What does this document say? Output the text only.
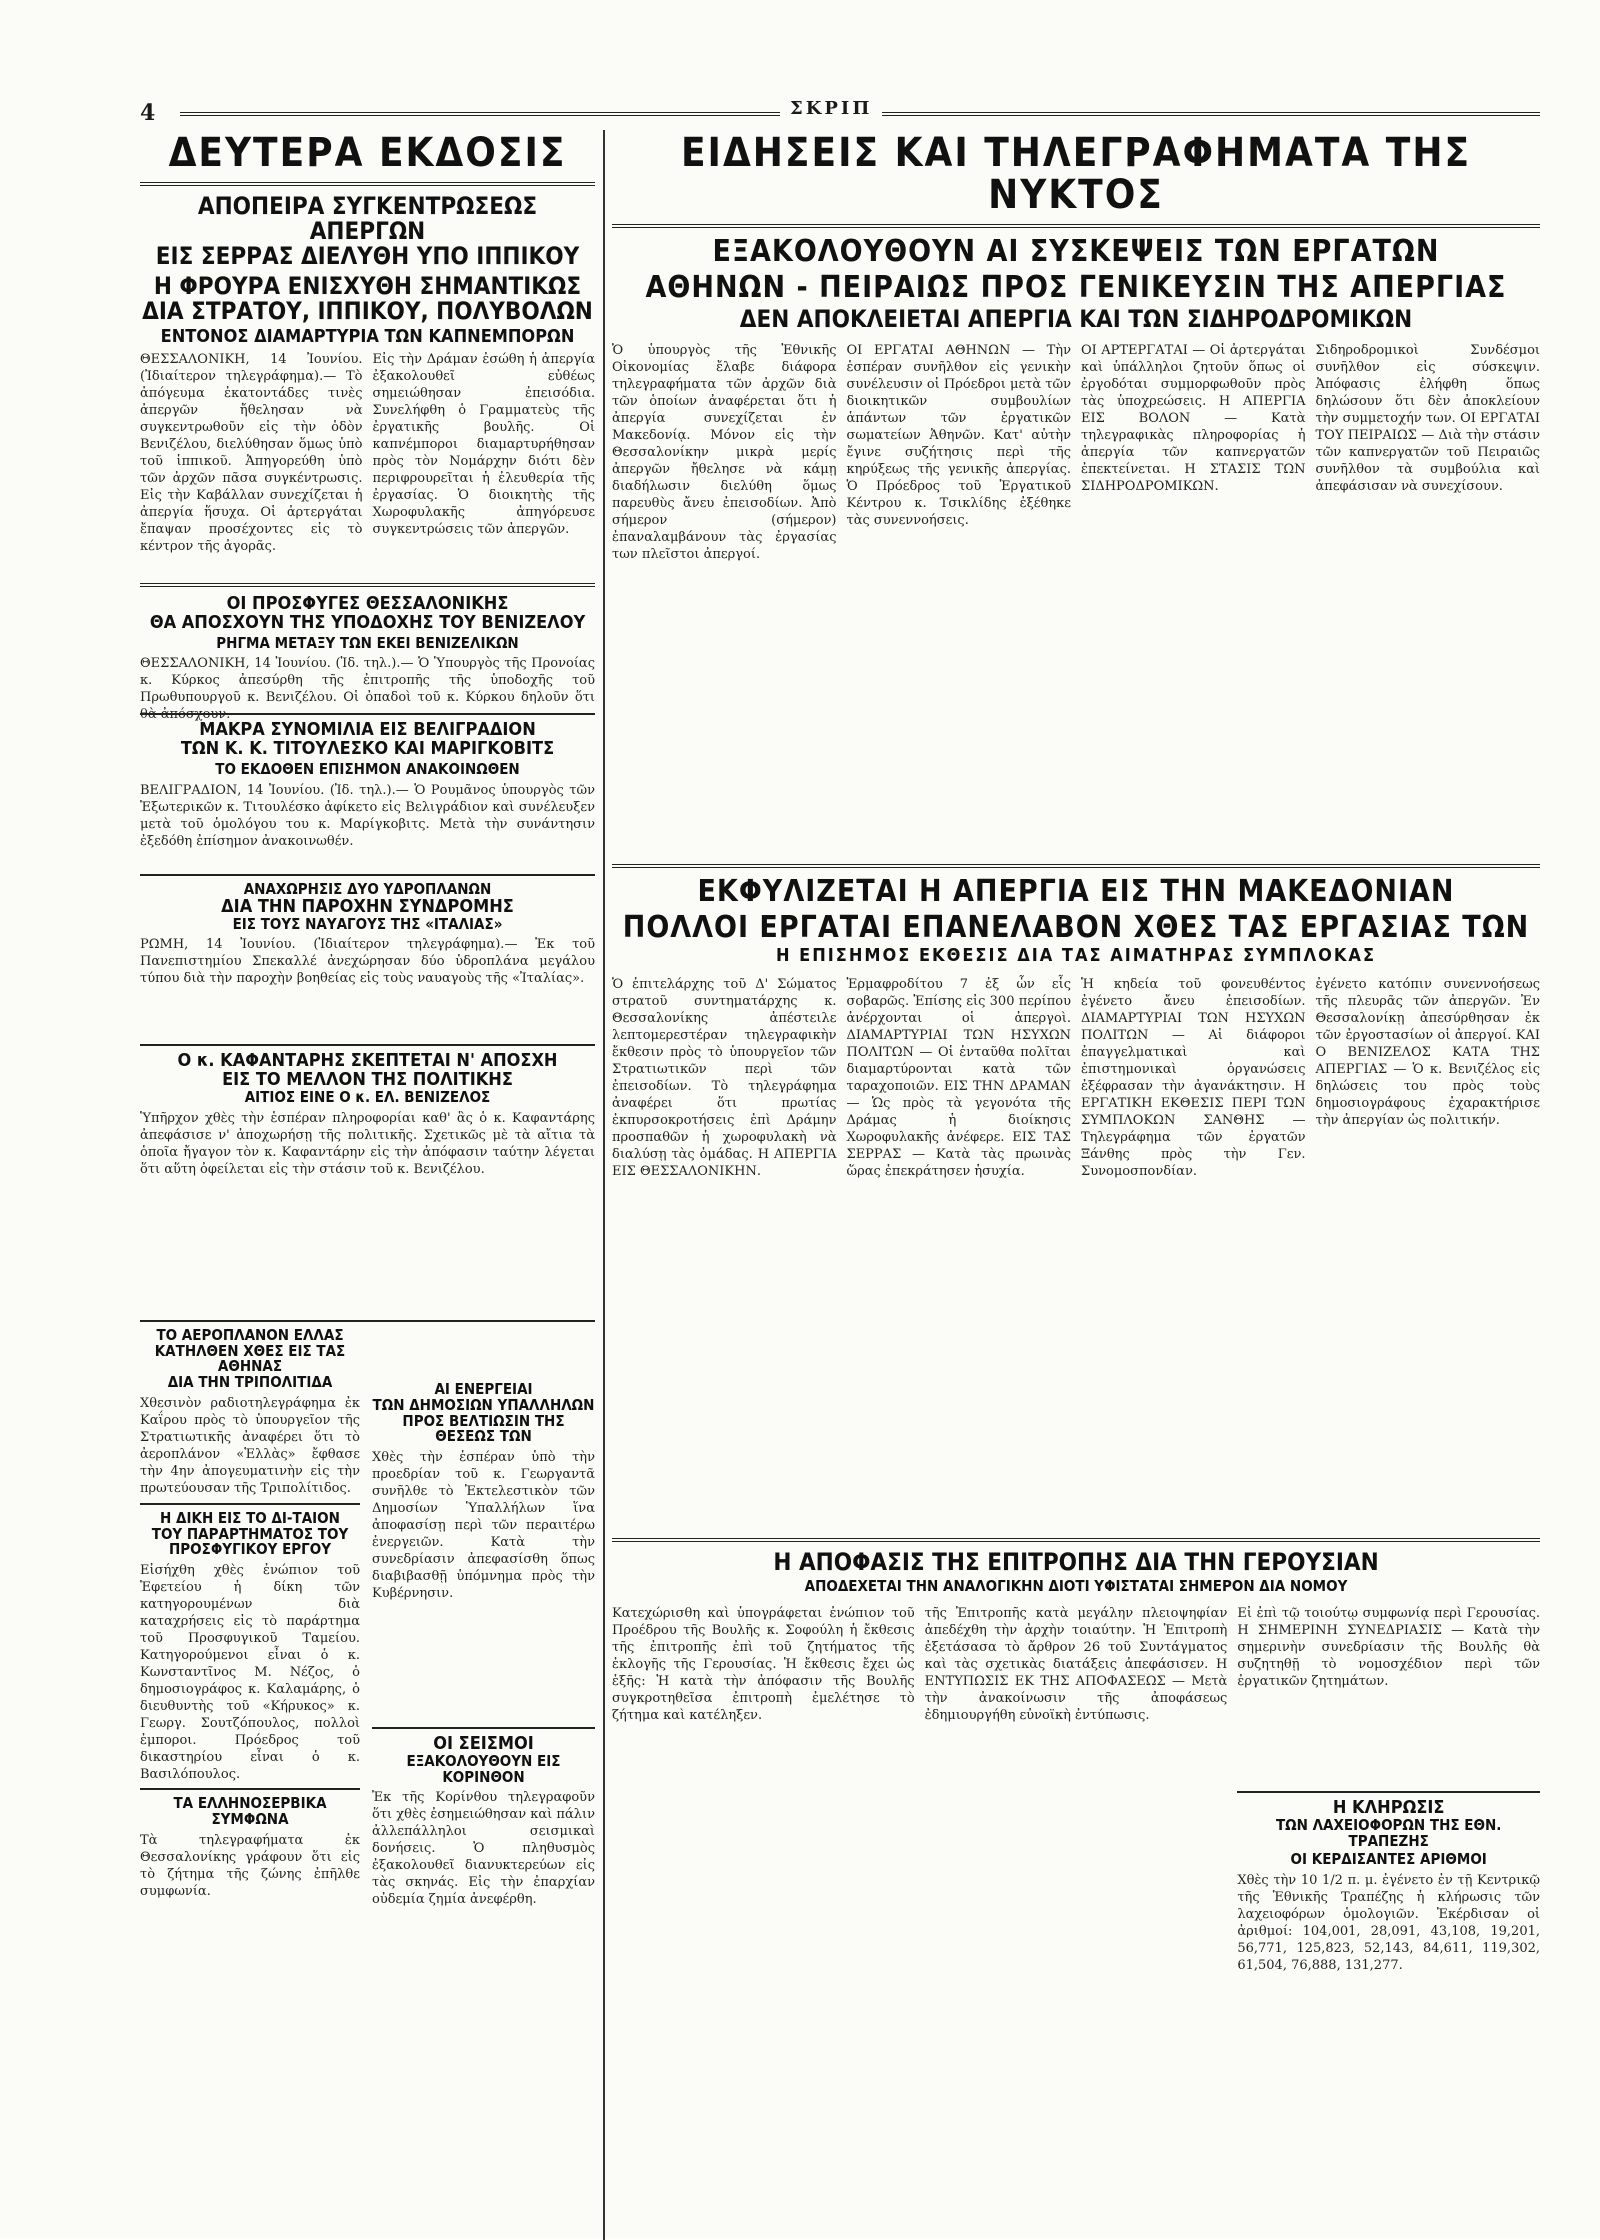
4	ΣΚΡΙΠ
ΔΕΥΤΕΡΑ ΕΚΔΟΣΙΣ
ΑΠΟΠΕΙΡΑ ΣΥΓΚΕΝΤΡΩΣΕΩΣ ΑΠΕΡΓΩΝ
ΕΙΣ ΣΕΡΡΑΣ ΔΙΕΛΥΘΗ ΥΠΟ ΙΠΠΙΚΟΥ
Η ΦΡΟΥΡΑ ΕΝΙΣΧΥΘΗ ΣΗΜΑΝΤΙΚΩΣ
ΔΙΑ ΣΤΡΑΤΟΥ, ΙΠΠΙΚΟΥ, ΠΟΛΥΒΟΛΩΝ
ΕΝΤΟΝΟΣ ΔΙΑΜΑΡΤΥΡΙΑ ΤΩΝ ΚΑΠΝΕΜΠΟΡΩΝ
ΘΕΣΣΑΛΟΝΙΚΗ, 14 Ἰουνίου. (Ἰδιαίτερον τηλεγράφημα).— Τὸ ἀπόγευμα ἐκατοντάδες τινὲς ἀπεργῶν ἤθελησαν νὰ συγκεντρωθοῦν εἰς τὴν ὁδὸν Βενιζέλου, διελύθησαν ὅμως ὑπὸ τοῦ ἱππικοῦ. Ἀπηγορεύθη ὑπὸ τῶν ἀρχῶν πᾶσα συγκέντρωσις. Εἰς τὴν Καβάλλαν συνεχίζεται ἡ ἀπεργία ἥσυχα. Οἱ ἀρτεργάται ἔπαψαν προσέχοντες εἰς τὸ κέντρον τῆς ἀγορᾶς.
Εἰς τὴν Δράμαν ἐσώθη ἡ ἀπεργία ἐξακολουθεῖ εὐθέως σημειώθησαν ἐπεισόδια. Συνελήφθη ὁ Γραμματεὺς τῆς ἐργατικῆς βουλῆς. Οἱ καπνέμποροι διαμαρτυρήθησαν πρὸς τὸν Νομάρχην διότι δὲν περιφρουρεῖται ἡ ἐλευθερία τῆς ἐργασίας. Ὁ διοικητὴς τῆς Χωροφυλακῆς ἀπηγόρευσε συγκεντρώσεις τῶν ἀπεργῶν.
ΟΙ ΠΡΟΣΦΥΓΕΣ ΘΕΣΣΑΛΟΝΙΚΗΣ
ΘΑ ΑΠΟΣΧΟΥΝ ΤΗΣ ΥΠΟΔΟΧΗΣ ΤΟΥ ΒΕΝΙΖΕΛΟΥ
ΡΗΓΜΑ ΜΕΤΑΞΥ ΤΩΝ ΕΚΕΙ ΒΕΝΙΖΕΛΙΚΩΝ
ΘΕΣΣΑΛΟΝΙΚΗ, 14 Ἰουνίου. (Ἰδ. τηλ.).— Ὁ Ὑπουργὸς τῆς Προνοίας κ. Κύρκος ἀπεσύρθη τῆς ἐπιτροπῆς τῆς ὑποδοχῆς τοῦ Πρωθυπουργοῦ κ. Βενιζέλου. Οἱ ὀπαδοὶ τοῦ κ. Κύρκου δηλοῦν ὅτι θὰ ἀπόσχουν.
ΜΑΚΡΑ ΣΥΝΟΜΙΛΙΑ ΕΙΣ ΒΕΛΙΓΡΑΔΙΟΝ
ΤΩΝ Κ. Κ. ΤΙΤΟΥΛΕΣΚΟ ΚΑΙ ΜΑΡΙΓΚΟΒΙΤΣ
ΤΟ ΕΚΔΟΘΕΝ ΕΠΙΣΗΜΟΝ ΑΝΑΚΟΙΝΩΘΕΝ
ΒΕΛΙΓΡΑΔΙΟΝ, 14 Ἰουνίου. (Ἰδ. τηλ.).— Ὁ Ρουμᾶνος ὑπουργὸς τῶν Ἐξωτερικῶν κ. Τιτουλέσκο ἀφίκετο εἰς Βελιγράδιον καὶ συνέλευξεν μετὰ τοῦ ὁμολόγου του κ. Μαρίγκοβιτς. Μετὰ τὴν συνάντησιν ἐξεδόθη ἐπίσημον ἀνακοινωθέν.
ΑΝΑΧΩΡΗΣΙΣ ΔΥΟ ΥΔΡΟΠΛΑΝΩΝ
ΔΙΑ ΤΗΝ ΠΑΡΟΧΗΝ ΣΥΝΔΡΟΜΗΣ
ΕΙΣ ΤΟΥΣ ΝΑΥΑΓΟΥΣ ΤΗΣ «ΙΤΑΛΙΑΣ»
ΡΩΜΗ, 14 Ἰουνίου. (Ἰδιαίτερον τηλεγράφημα).— Ἐκ τοῦ Πανεπιστημίου Σπεκαλλέ ἀνεχώρησαν δύο ὑδροπλάνα μεγάλου τύπου διὰ τὴν παροχὴν βοηθείας εἰς τοὺς ναυαγοὺς τῆς «Ἰταλίας».
Ο κ. ΚΑΦΑΝΤΑΡΗΣ ΣΚΕΠΤΕΤΑΙ Ν' ΑΠΟΣΧΗ
ΕΙΣ ΤΟ ΜΕΛΛΟΝ ΤΗΣ ΠΟΛΙΤΙΚΗΣ
ΑΙΤΙΟΣ ΕΙΝΕ Ο κ. ΕΛ. ΒΕΝΙΖΕΛΟΣ
Ὑπῆρχον χθὲς τὴν ἑσπέραν πληροφορίαι καθ' ἃς ὁ κ. Καφαντάρης ἀπεφάσισε ν' ἀποχωρήσῃ τῆς πολιτικῆς. Σχετικῶς μὲ τὰ αἴτια τὰ ὁποῖα ἤγαγον τὸν κ. Καφαντάρην εἰς τὴν ἀπόφασιν ταύτην λέγεται ὅτι αὕτη ὀφείλεται εἰς τὴν στάσιν τοῦ κ. Βενιζέλου.
ΤΟ ΑΕΡΟΠΛΑΝΟΝ ΕΛΛΑΣ
ΚΑΤΗΛΘΕΝ ΧΘΕΣ ΕΙΣ ΤΑΣ ΑΘΗΝΑΣ
ΔΙΑ ΤΗΝ ΤΡΙΠΟΛΙΤΙΔΑ
Χθεσινὸν ραδιοτηλεγράφημα ἐκ Καΐρου πρὸς τὸ ὑπουργεῖον τῆς Στρατιωτικῆς ἀναφέρει ὅτι τὸ ἀεροπλάνον «Ἑλλὰς» ἔφθασε τὴν 4ην ἀπογευματινὴν εἰς τὴν πρωτεύουσαν τῆς Τριπολίτιδος.
Η ΔΙΚΗ ΕΙΣ ΤΟ ΔΙ-ΤΑΙΟΝ
ΤΟΥ ΠΑΡΑΡΤΗΜΑΤΟΣ ΤΟΥ ΠΡΟΣΦΥΓΙΚΟΥ ΕΡΓΟΥ
Εἰσήχθη χθὲς ἐνώπιον τοῦ Ἐφετείου ἡ δίκη τῶν κατηγορουμένων διὰ καταχρήσεις εἰς τὸ παράρτημα τοῦ Προσφυγικοῦ Ταμείου. Κατηγορούμενοι εἶναι ὁ κ. Κωνσταντῖνος Μ. Νέζος, ὁ δημοσιογράφος κ. Καλαμάρης, ὁ διευθυντὴς τοῦ «Κήρυκος» κ. Γεωργ. Σουτζόπουλος, πολλοὶ ἐμποροι. Πρόεδρος τοῦ δικαστηρίου εἶναι ὁ κ. Βασιλόπουλος.
ΤΑ ΕΛΛΗΝΟΣΕΡΒΙΚΑ ΣΥΜΦΩΝΑ
Τὰ τηλεγραφήματα ἐκ Θεσσαλονίκης γράφουν ὅτι εἰς τὸ ζήτημα τῆς ζώνης ἐπῆλθε συμφωνία.
ΑΙ ΕΝΕΡΓΕΙΑΙ
ΤΩΝ ΔΗΜΟΣΙΩΝ ΥΠΑΛΛΗΛΩΝ
ΠΡΟΣ ΒΕΛΤΙΩΣΙΝ ΤΗΣ ΘΕΣΕΩΣ ΤΩΝ
Χθὲς τὴν ἑσπέραν ὑπὸ τὴν προεδρίαν τοῦ κ. Γεωργαντᾶ συνῆλθε τὸ Ἐκτελεστικὸν τῶν Δημοσίων Ὑπαλλήλων ἵνα ἀποφασίσῃ περὶ τῶν περαιτέρω ἐνεργειῶν. Κατὰ τὴν συνεδρίασιν ἀπεφασίσθη ὅπως διαβιβασθῇ ὑπόμνημα πρὸς τὴν Κυβέρνησιν.
ΟΙ ΣΕΙΣΜΟΙ
ΕΞΑΚΟΛΟΥΘΟΥΝ ΕΙΣ ΚΟΡΙΝΘΟΝ
Ἐκ τῆς Κορίνθου τηλεγραφοῦν ὅτι χθὲς ἐσημειώθησαν καὶ πάλιν ἀλλεπάλληλοι σεισμικαὶ δονήσεις. Ὁ πληθυσμὸς ἐξακολουθεῖ διανυκτερεύων εἰς τὰς σκηνάς. Εἰς τὴν ἐπαρχίαν οὐδεμία ζημία ἀνεφέρθη.
ΕΙΔΗΣΕΙΣ ΚΑΙ ΤΗΛΕΓΡΑΦΗΜΑΤΑ ΤΗΣ ΝΥΚΤΟΣ
ΕΞΑΚΟΛΟΥΘΟΥΝ ΑΙ ΣΥΣΚΕΨΕΙΣ ΤΩΝ ΕΡΓΑΤΩΝ
ΑΘΗΝΩΝ - ΠΕΙΡΑΙΩΣ ΠΡΟΣ ΓΕΝΙΚΕΥΣΙΝ ΤΗΣ ΑΠΕΡΓΙΑΣ
ΔΕΝ ΑΠΟΚΛΕΙΕΤΑΙ ΑΠΕΡΓΙΑ ΚΑΙ ΤΩΝ ΣΙΔΗΡΟΔΡΟΜΙΚΩΝ
Ὁ ὑπουργὸς τῆς Ἐθνικῆς Οἰκονομίας ἔλαβε διάφορα τηλεγραφήματα τῶν ἀρχῶν διὰ τῶν ὁποίων ἀναφέρεται ὅτι ἡ ἀπεργία συνεχίζεται ἐν Μακεδονίᾳ. Μόνον εἰς τὴν Θεσσαλονίκην μικρὰ μερίς ἀπεργῶν ἤθελησε νὰ κάμῃ διαδήλωσιν διελύθη ὅμως παρευθὺς ἄνευ ἐπεισοδίων. Ἀπὸ σήμερον (σήμερον) ἐπαναλαμβάνουν τὰς ἐργασίας των πλεῖστοι ἀπεργοί.
ΟΙ ΕΡΓΑΤΑΙ ΑΘΗΝΩΝ — Τὴν ἑσπέραν συνῆλθον εἰς γενικὴν συνέλευσιν οἱ Πρόεδροι μετὰ τῶν διοικητικῶν συμβουλίων ἁπάντων τῶν ἐργατικῶν σωματείων Ἀθηνῶν. Κατ' αὐτὴν ἔγινε συζήτησις περὶ τῆς κηρύξεως τῆς γενικῆς ἀπεργίας. Ὁ Πρόεδρος τοῦ Ἐργατικοῦ Κέντρου κ. Τσικλίδης ἐξέθηκε τὰς συνεννοήσεις.
ΟΙ ΑΡΤΕΡΓΑΤΑΙ — Οἱ ἀρτεργάται καὶ ὑπάλληλοι ζητοῦν ὅπως οἱ ἐργοδόται συμμορφωθοῦν πρὸς τὰς ὑποχρεώσεις. Η ΑΠΕΡΓΙΑ ΕΙΣ ΒΟΛΟΝ — Κατὰ τηλεγραφικὰς πληροφορίας ἡ ἀπεργία τῶν καπνεργατῶν ἐπεκτείνεται. Η ΣΤΑΣΙΣ ΤΩΝ ΣΙΔΗΡΟΔΡΟΜΙΚΩΝ.
Σιδηροδρομικοὶ Συνδέσμοι συνῆλθον εἰς σύσκεψιν. Ἀπόφασις ἐλήφθη ὅπως δηλώσουν ὅτι δὲν ἀποκλείουν τὴν συμμετοχήν των. ΟΙ ΕΡΓΑΤΑΙ ΤΟΥ ΠΕΙΡΑΙΩΣ — Διὰ τὴν στάσιν τῶν καπνεργατῶν τοῦ Πειραιῶς συνῆλθον τὰ συμβούλια καὶ ἀπεφάσισαν νὰ συνεχίσουν.
ΕΚΦΥΛΙΖΕΤΑΙ Η ΑΠΕΡΓΙΑ ΕΙΣ ΤΗΝ ΜΑΚΕΔΟΝΙΑΝ
ΠΟΛΛΟΙ ΕΡΓΑΤΑΙ ΕΠΑΝΕΛΑΒΟΝ ΧΘΕΣ ΤΑΣ ΕΡΓΑΣΙΑΣ ΤΩΝ
Η ΕΠΙΣΗΜΟΣ ΕΚΘΕΣΙΣ ΔΙΑ ΤΑΣ ΑΙΜΑΤΗΡΑΣ ΣΥΜΠΛΟΚΑΣ
Ὁ ἐπιτελάρχης τοῦ Δ' Σώματος στρατοῦ συντηματάρχης κ. Θεσσαλονίκης ἀπέστειλε λεπτομερεστέραν τηλεγραφικὴν ἔκθεσιν πρὸς τὸ ὑπουργεῖον τῶν Στρατιωτικῶν περὶ τῶν ἐπεισοδίων. Τὸ τηλεγράφημα ἀναφέρει ὅτι πρωτίας ἐκπυρσοκροτήσεις ἐπὶ Δράμην προσπαθῶν ἡ χωροφυλακὴ νὰ διαλύσῃ τὰς ὁμάδας. Η ΑΠΕΡΓΙΑ ΕΙΣ ΘΕΣΣΑΛΟΝΙΚΗΝ.
Ἑρμαφροδίτου 7 ἐξ ὧν εἷς σοβαρῶς. Ἐπίσης εἰς 300 περίπου ἀνέρχονται οἱ ἀπεργοὶ. ΔΙΑΜΑΡΤΥΡΙΑΙ ΤΩΝ ΗΣΥΧΩΝ ΠΟΛΙΤΩΝ — Οἱ ἐνταῦθα πολῖται διαμαρτύρονται κατὰ τῶν ταραχοποιῶν. ΕΙΣ ΤΗΝ ΔΡΑΜΑΝ — Ὡς πρὸς τὰ γεγονότα τῆς Δράμας ἡ διοίκησις Χωροφυλακῆς ἀνέφερε. ΕΙΣ ΤΑΣ ΣΕΡΡΑΣ — Κατὰ τὰς πρωινὰς ὥρας ἐπεκράτησεν ἡσυχία.
Ἡ κηδεία τοῦ φονευθέντος ἐγένετο ἄνευ ἐπεισοδίων. ΔΙΑΜΑΡΤΥΡΙΑΙ ΤΩΝ ΗΣΥΧΩΝ ΠΟΛΙΤΩΝ — Αἱ διάφοροι ἐπαγγελματικαὶ καὶ ἐπιστημονικαὶ ὀργανώσεις ἐξέφρασαν τὴν ἀγανάκτησιν. Η ΕΡΓΑΤΙΚΗ ΕΚΘΕΣΙΣ ΠΕΡΙ ΤΩΝ ΣΥΜΠΛΟΚΩΝ ΣΑΝΘΗΣ — Τηλεγράφημα τῶν ἐργατῶν Ξάνθης πρὸς τὴν Γεν. Συνομοσπονδίαν.
ἐγένετο κατόπιν συνεννοήσεως τῆς πλευρᾶς τῶν ἀπεργῶν. Ἐν Θεσσαλονίκῃ ἀπεσύρθησαν ἐκ τῶν ἐργοστασίων οἱ ἀπεργοί. ΚΑΙ Ο ΒΕΝΙΖΕΛΟΣ ΚΑΤΑ ΤΗΣ ΑΠΕΡΓΙΑΣ — Ὁ κ. Βενιζέλος εἰς δηλώσεις του πρὸς τοὺς δημοσιογράφους ἐχαρακτήρισε τὴν ἀπεργίαν ὡς πολιτικήν.
Η ΑΠΟΦΑΣΙΣ ΤΗΣ ΕΠΙΤΡΟΠΗΣ ΔΙΑ ΤΗΝ ΓΕΡΟΥΣΙΑΝ
ΑΠΟΔΕΧΕΤΑΙ ΤΗΝ ΑΝΑΛΟΓΙΚΗΝ ΔΙΟΤΙ ΥΦΙΣΤΑΤΑΙ ΣΗΜΕΡΟΝ ΔΙΑ ΝΟΜΟΥ
Κατεχώρισθη καὶ ὑπογράφεται ἐνώπιον τοῦ Προέδρου τῆς Βουλῆς κ. Σοφούλη ἡ ἔκθεσις τῆς ἐπιτροπῆς ἐπὶ τοῦ ζητήματος τῆς ἐκλογῆς τῆς Γερουσίας. Ἡ ἔκθεσις ἔχει ὡς ἑξῆς: Ἡ κατὰ τὴν ἀπόφασιν τῆς Βουλῆς συγκροτηθεῖσα ἐπιτροπὴ ἐμελέτησε τὸ ζήτημα καὶ κατέληξεν.
τῆς Ἐπιτροπῆς κατὰ μεγάλην πλειοψηφίαν ἀπεδέχθη τὴν ἀρχὴν τοιαύτην. Ἡ Ἐπιτροπὴ ἐξετάσασα τὸ ἄρθρον 26 τοῦ Συντάγματος καὶ τὰς σχετικὰς διατάξεις ἀπεφάσισεν. Η ΕΝΤΥΠΩΣΙΣ ΕΚ ΤΗΣ ΑΠΟΦΑΣΕΩΣ — Μετὰ τὴν ἀνακοίνωσιν τῆς ἀποφάσεως ἐδημιουργήθη εὐνοϊκὴ ἐντύπωσις.
Εἰ ἐπὶ τῷ τοιούτῳ συμφωνίᾳ περὶ Γερουσίας. Η ΣΗΜΕΡΙΝΗ ΣΥΝΕΔΡΙΑΣΙΣ — Κατὰ τὴν σημερινὴν συνεδρίασιν τῆς Βουλῆς θὰ συζητηθῇ τὸ νομοσχέδιον περὶ τῶν ἐργατικῶν ζητημάτων.
Η ΚΛΗΡΩΣΙΣ
ΤΩΝ ΛΑΧΕΙΟΦΟΡΩΝ ΤΗΣ ΕΘΝ. ΤΡΑΠΕΖΗΣ
ΟΙ ΚΕΡΔΙΣΑΝΤΕΣ ΑΡΙΘΜΟΙ
Χθὲς τὴν 10 1/2 π. μ. ἐγένετο ἐν τῇ Κεντρικῷ τῆς Ἐθνικῆς Τραπέζης ἡ κλήρωσις τῶν λαχειοφόρων ὁμολογιῶν. Ἐκέρδισαν οἱ ἀριθμοί: 104,001, 28,091, 43,108, 19,201, 56,771, 125,823, 52,143, 84,611, 119,302, 61,504, 76,888, 131,277.
